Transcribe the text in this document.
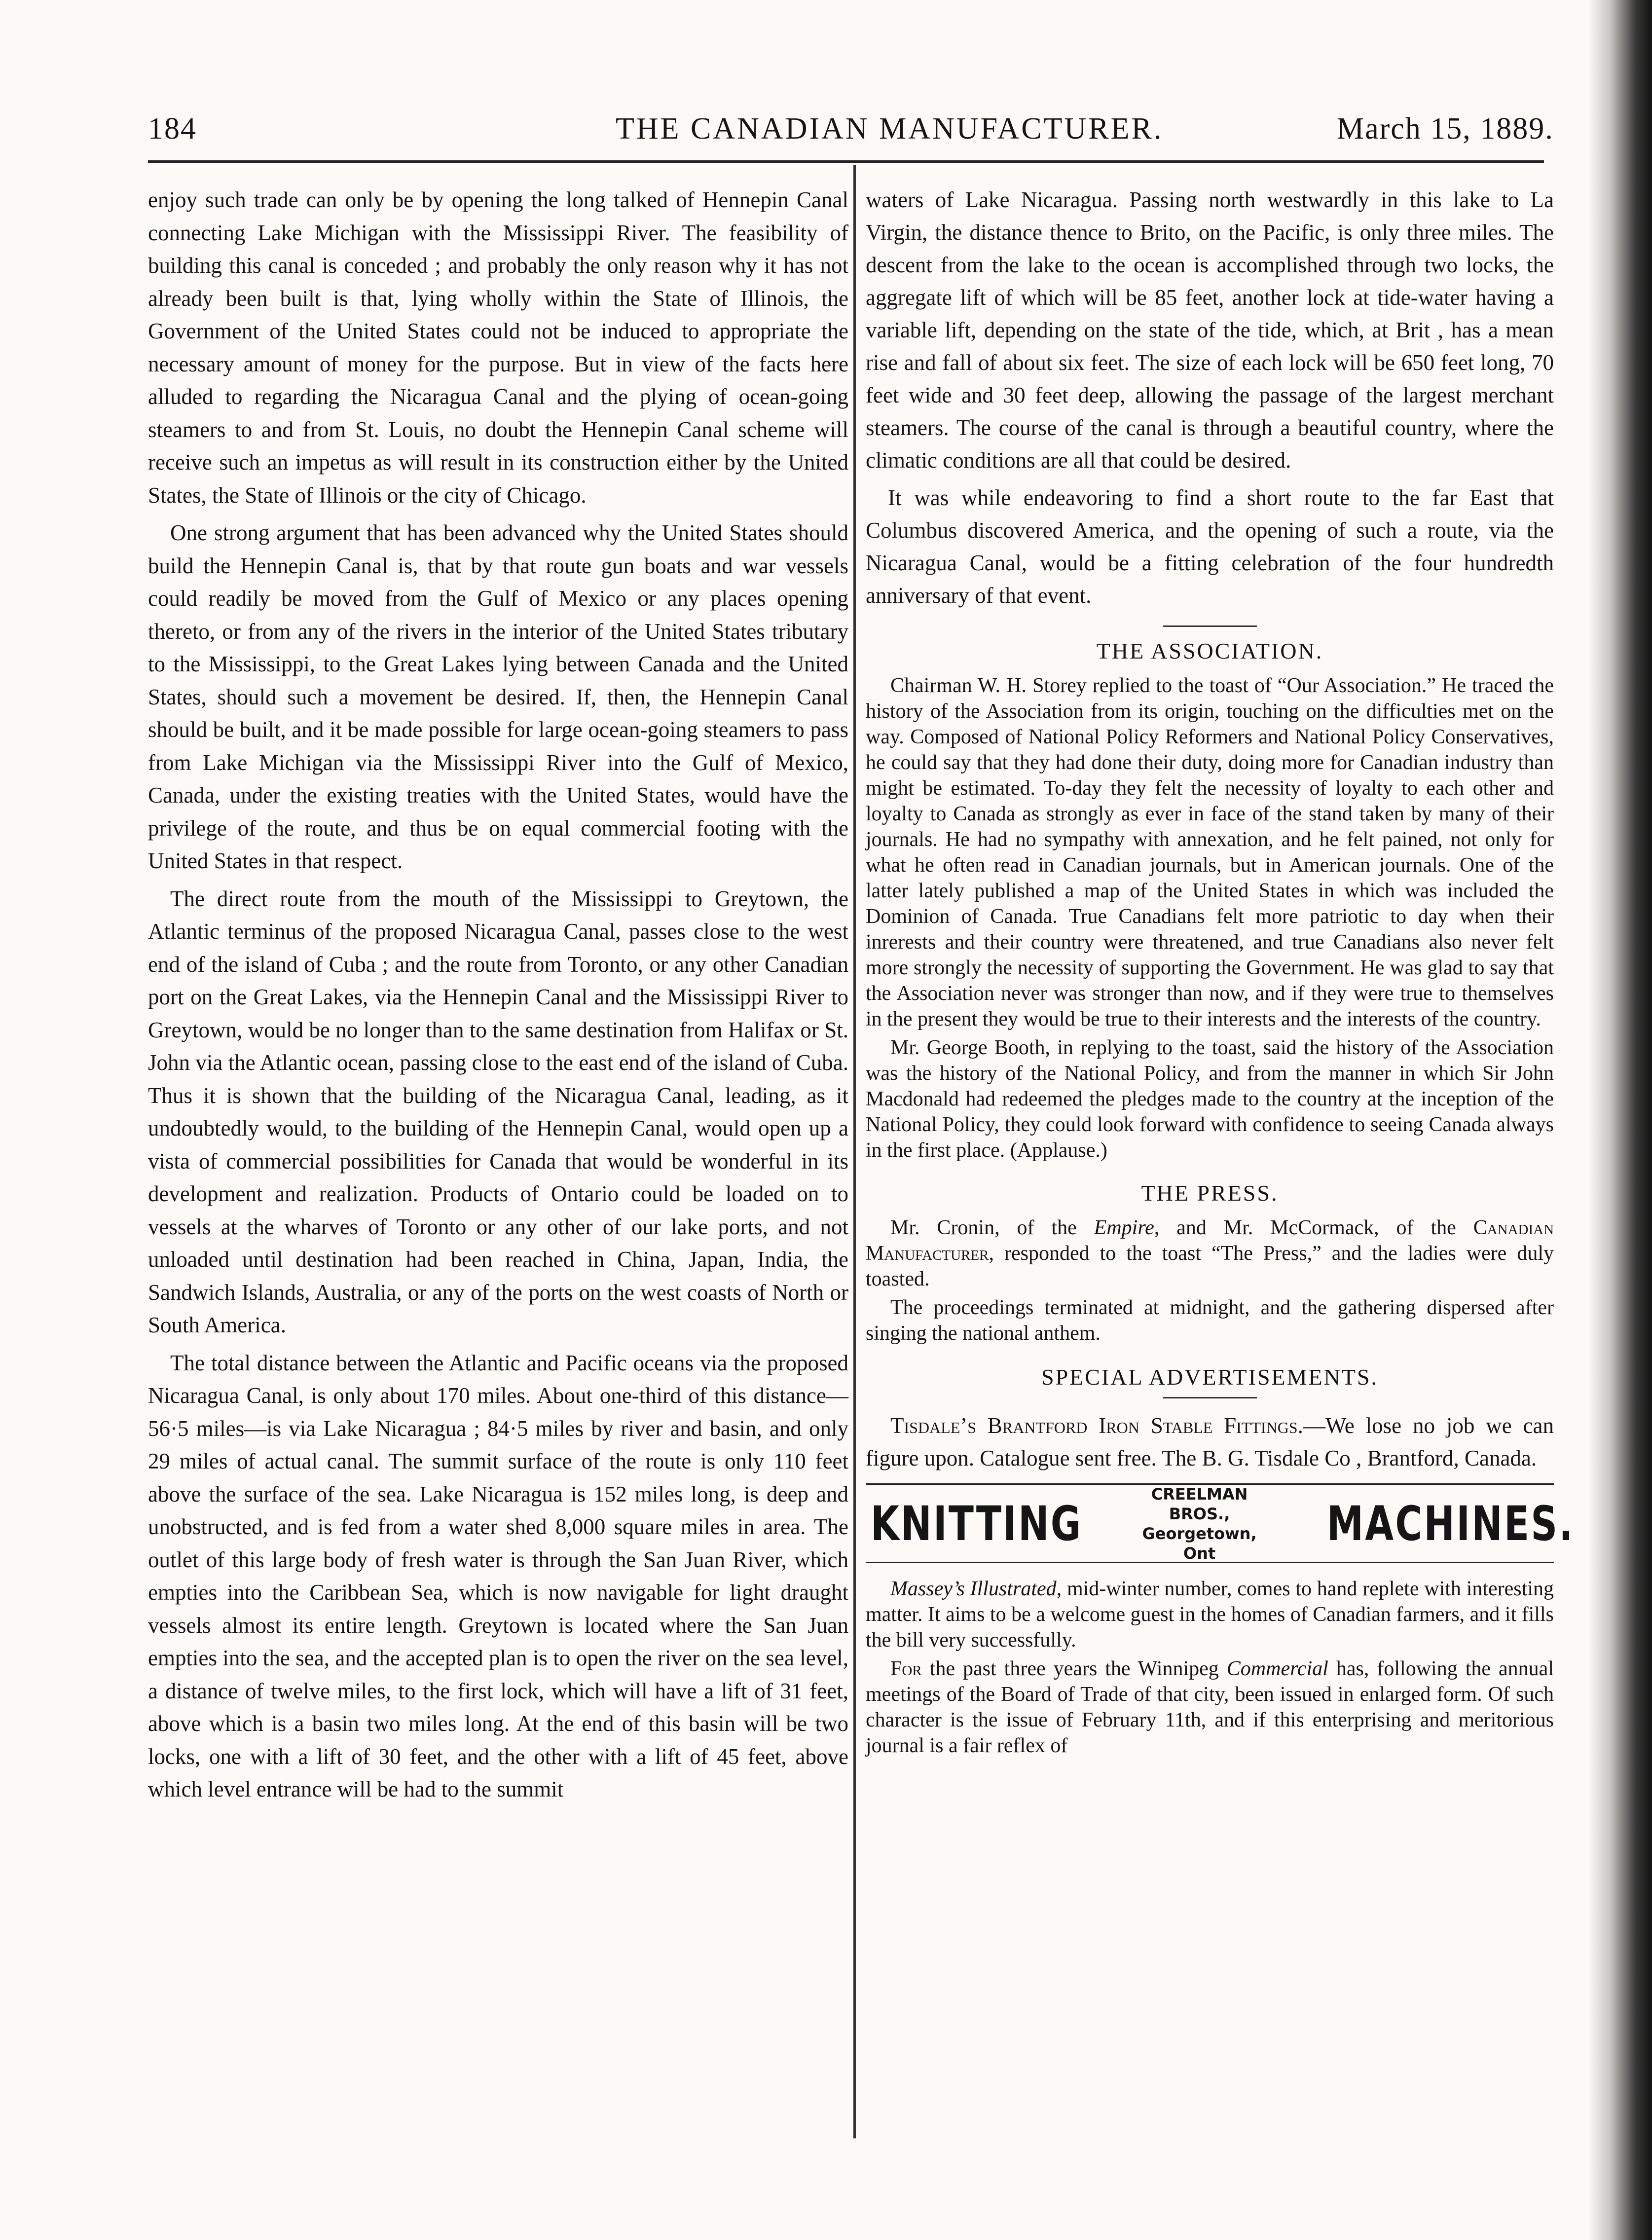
184	THE CANADIAN MANUFACTURER.	March 15, 1889.

enjoy such trade can only be by opening the long talked of Hennepin Canal connecting Lake Michigan with the Mississippi River. The feasibility of building this canal is conceded ; and probably the only reason why it has not already been built is that, lying wholly within the State of Illinois, the Government of the United States could not be induced to appropriate the necessary amount of money for the purpose. But in view of the facts here alluded to regarding the Nicaragua Canal and the plying of ocean-going steamers to and from St. Louis, no doubt the Hennepin Canal scheme will receive such an impetus as will result in its construction either by the United States, the State of Illinois or the city of Chicago.

One strong argument that has been advanced why the United States should build the Hennepin Canal is, that by that route gun boats and war vessels could readily be moved from the Gulf of Mexico or any places opening thereto, or from any of the rivers in the interior of the United States tributary to the Mississippi, to the Great Lakes lying between Canada and the United States, should such a movement be desired. If, then, the Hennepin Canal should be built, and it be made possible for large ocean-going steamers to pass from Lake Michigan via the Mississippi River into the Gulf of Mexico, Canada, under the existing treaties with the United States, would have the privilege of the route, and thus be on equal commercial footing with the United States in that respect.

The direct route from the mouth of the Mississippi to Greytown, the Atlantic terminus of the proposed Nicaragua Canal, passes close to the west end of the island of Cuba ; and the route from Toronto, or any other Canadian port on the Great Lakes, via the Hennepin Canal and the Mississippi River to Greytown, would be no longer than to the same destination from Halifax or St. John via the Atlantic ocean, passing close to the east end of the island of Cuba. Thus it is shown that the building of the Nicaragua Canal, leading, as it undoubtedly would, to the building of the Hennepin Canal, would open up a vista of commercial possibilities for Canada that would be wonderful in its development and realization. Products of Ontario could be loaded on to vessels at the wharves of Toronto or any other of our lake ports, and not unloaded until destination had been reached in China, Japan, India, the Sandwich Islands, Australia, or any of the ports on the west coasts of North or South America.

The total distance between the Atlantic and Pacific oceans via the proposed Nicaragua Canal, is only about 170 miles. About one-third of this distance—56·5 miles—is via Lake Nicaragua ; 84·5 miles by river and basin, and only 29 miles of actual canal. The summit surface of the route is only 110 feet above the surface of the sea. Lake Nicaragua is 152 miles long, is deep and unobstructed, and is fed from a water shed 8,000 square miles in area. The outlet of this large body of fresh water is through the San Juan River, which empties into the Caribbean Sea, which is now navigable for light draught vessels almost its entire length. Greytown is located where the San Juan empties into the sea, and the accepted plan is to open the river on the sea level, a distance of twelve miles, to the first lock, which will have a lift of 31 feet, above which is a basin two miles long. At the end of this basin will be two locks, one with a lift of 30 feet, and the other with a lift of 45 feet, above which level entrance will be had to the summit

waters of Lake Nicaragua. Passing north westwardly in this lake to La Virgin, the distance thence to Brito, on the Pacific, is only three miles. The descent from the lake to the ocean is accomplished through two locks, the aggregate lift of which will be 85 feet, another lock at tide-water having a variable lift, depending on the state of the tide, which, at Brit , has a mean rise and fall of about six feet. The size of each lock will be 650 feet long, 70 feet wide and 30 feet deep, allowing the passage of the largest merchant steamers. The course of the canal is through a beautiful country, where the climatic conditions are all that could be desired.

It was while endeavoring to find a short route to the far East that Columbus discovered America, and the opening of such a route, via the Nicaragua Canal, would be a fitting celebration of the four hundredth anniversary of that event.

THE ASSOCIATION.

Chairman W. H. Storey replied to the toast of “Our Association.” He traced the history of the Association from its origin, touching on the difficulties met on the way. Composed of National Policy Reformers and National Policy Conservatives, he could say that they had done their duty, doing more for Canadian industry than might be estimated. To-day they felt the necessity of loyalty to each other and loyalty to Canada as strongly as ever in face of the stand taken by many of their journals. He had no sympathy with annexation, and he felt pained, not only for what he often read in Canadian journals, but in American journals. One of the latter lately published a map of the United States in which was included the Dominion of Canada. True Canadians felt more patriotic to day when their inrerests and their country were threatened, and true Canadians also never felt more strongly the necessity of supporting the Government. He was glad to say that the Association never was stronger than now, and if they were true to themselves in the present they would be true to their interests and the interests of the country.

Mr. George Booth, in replying to the toast, said the history of the Association was the history of the National Policy, and from the manner in which Sir John Macdonald had redeemed the pledges made to the country at the inception of the National Policy, they could look forward with confidence to seeing Canada always in the first place. (Applause.)

THE PRESS.

Mr. Cronin, of the Empire, and Mr. McCormack, of the Canadian Manufacturer, responded to the toast “The Press,” and the ladies were duly toasted.

The proceedings terminated at midnight, and the gathering dispersed after singing the national anthem.

SPECIAL ADVERTISEMENTS.

Tisdale’s Brantford Iron Stable Fittings.—We lose no job we can figure upon. Catalogue sent free. The B. G. Tisdale Co , Brantford, Canada.

KNITTING
CREELMAN BROS.,
Georgetown, Ont
MACHINES.

Massey’s Illustrated, mid-winter number, comes to hand replete with interesting matter. It aims to be a welcome guest in the homes of Canadian farmers, and it fills the bill very successfully.

For the past three years the Winnipeg Commercial has, following the annual meetings of the Board of Trade of that city, been issued in enlarged form. Of such character is the issue of February 11th, and if this enterprising and meritorious journal is a fair reflex of
